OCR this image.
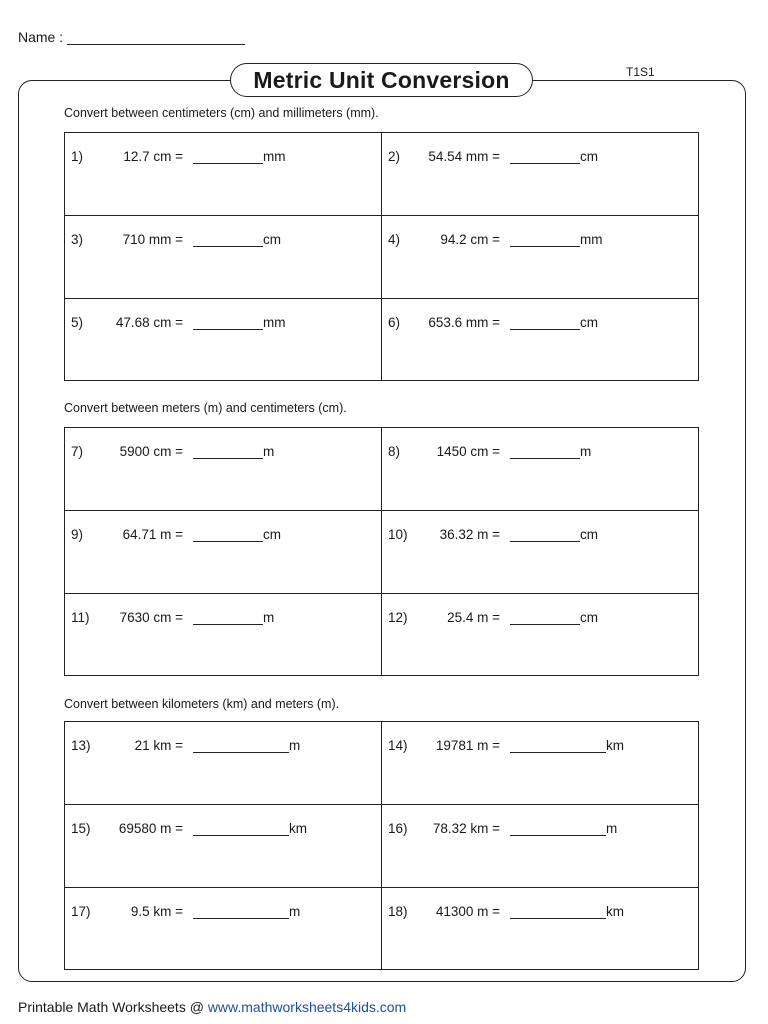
Name :
Metric Unit Conversion	T1S1
Convert between centimeters (cm) and millimeters (mm).
1)	12.7 cm =	mm	2)	54.54 mm =	cm
3)	710 mm =	cm	4)	94.2 cm =	mm
5)	47.68 cm =	mm	6)	653.6 mm =	cm
Convert between meters (m) and centimeters (cm).
7)	5900 cm =	m	8)	1450 cm =	m
9)	64.71 m =	cm	10)	36.32 m =	cm
11)	7630 cm =	m	12)	25.4 m =	cm
Convert between kilometers (km) and meters (m).
13)	21 km =	m	14)	19781 m =	km
15)	69580 m =	km	16)	78.32 km =	m
17)	9.5 km =	m	18)	41300 m =	km
Printable Math Worksheets @ www.mathworksheets4kids.com
